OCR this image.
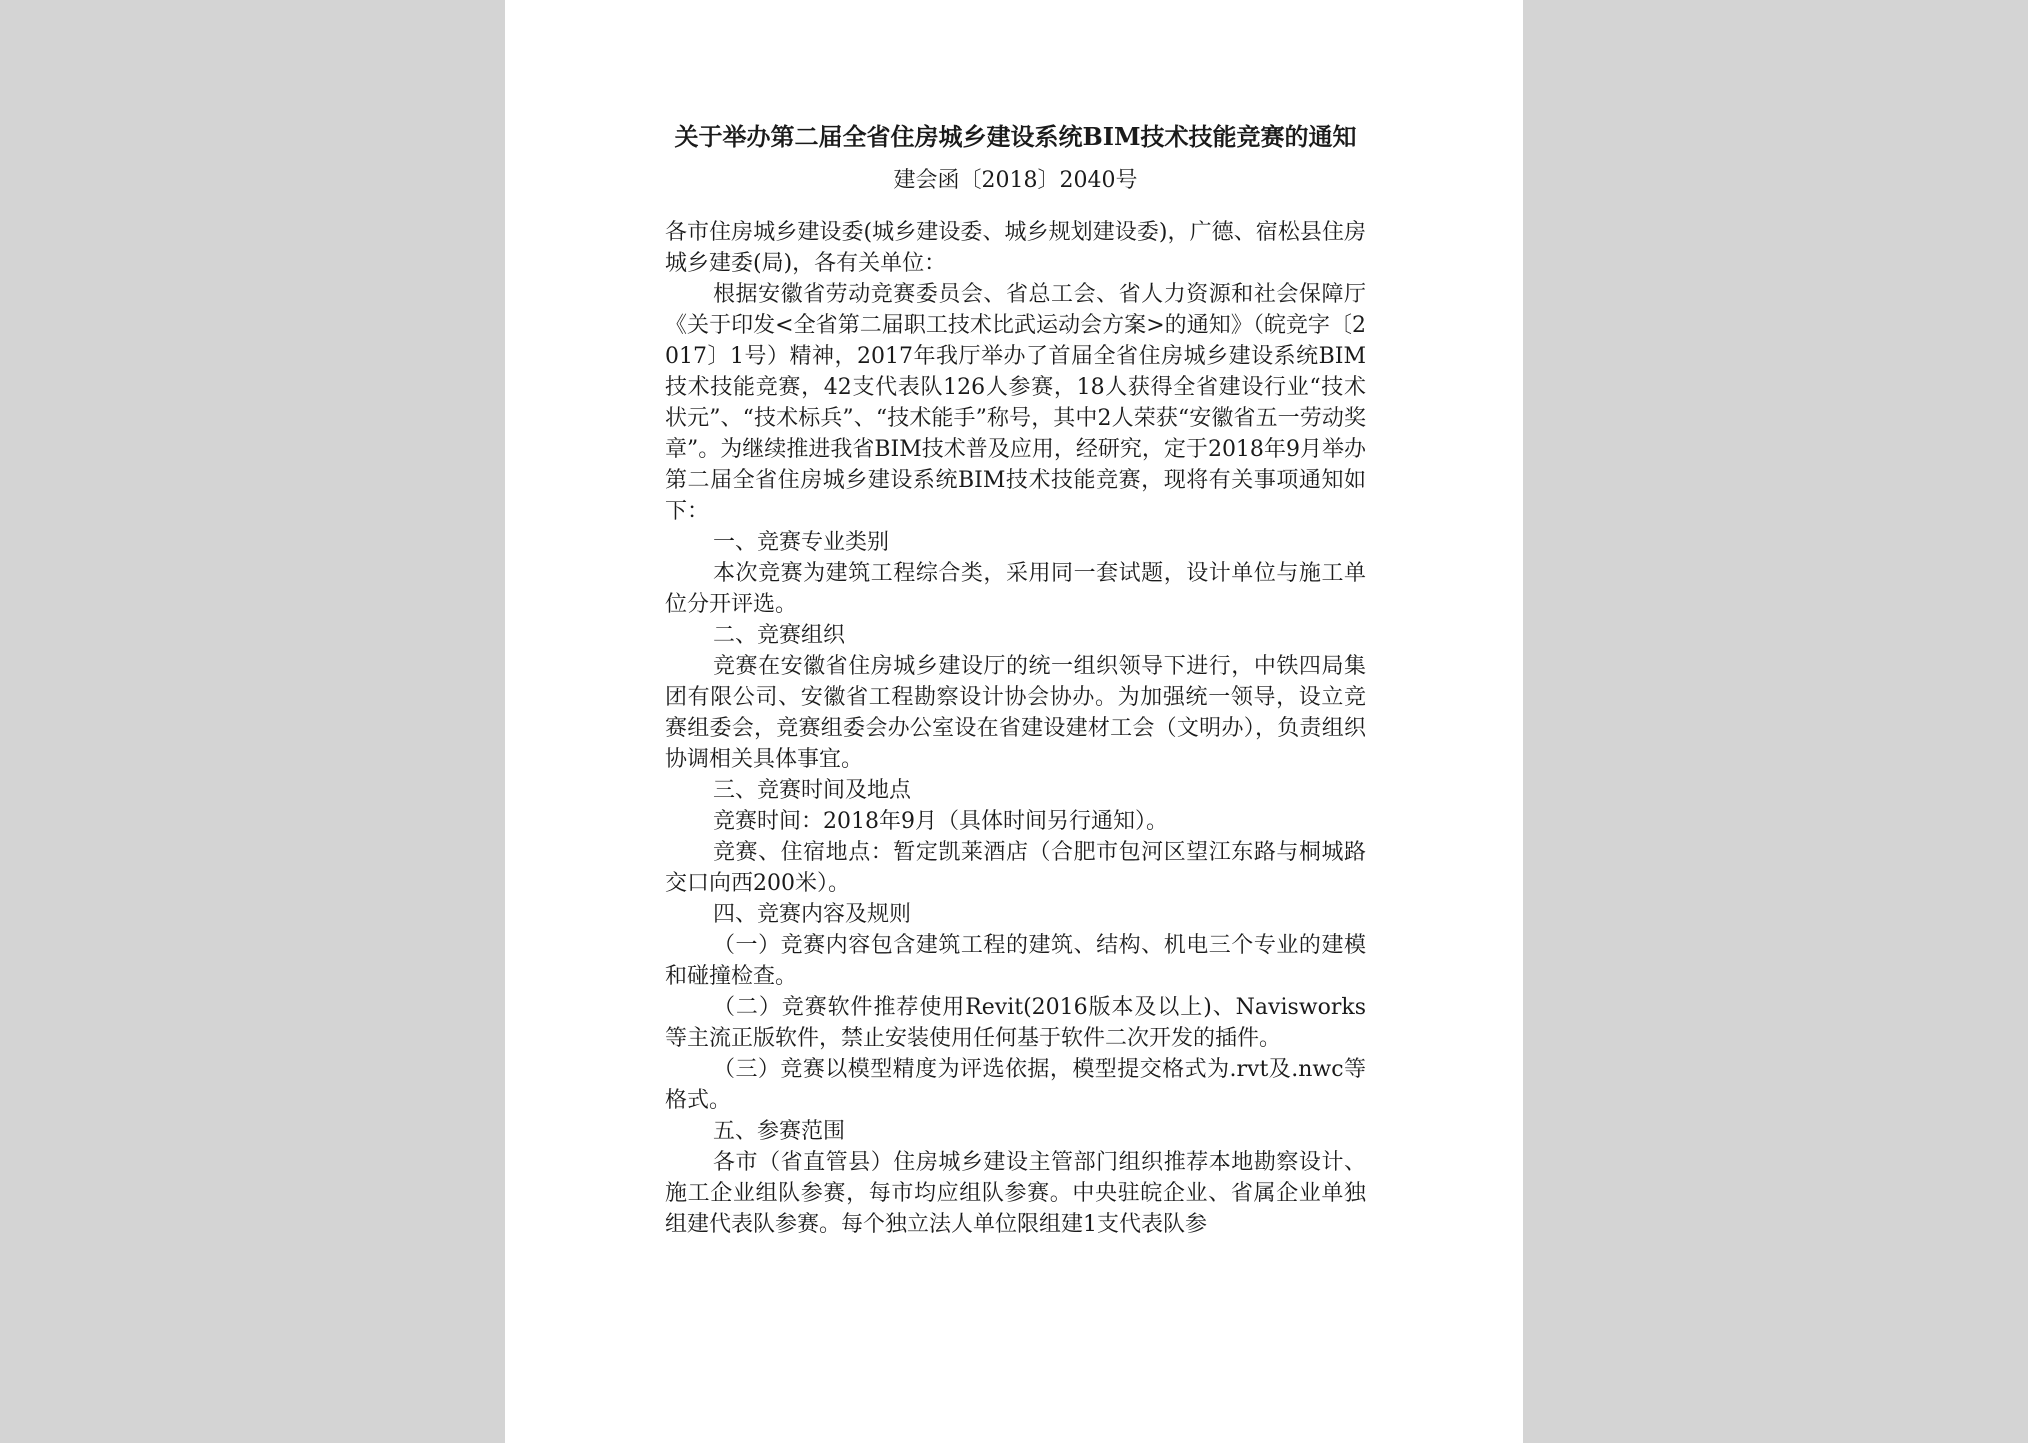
关于举办第二届全省住房城乡建设系统BIM技术技能竞赛的通知
建会函〔2018〕2040号

各市住房城乡建设委(城乡建设委、城乡规划建设委)，广德、宿松县住房城乡建委(局)，各有关单位：

根据安徽省劳动竞赛委员会、省总工会、省人力资源和社会保障厅《关于印发<全省第二届职工技术比武运动会方案>的通知》（皖竞字〔2017〕1号）精神，2017年我厅举办了首届全省住房城乡建设系统BIM技术技能竞赛，42支代表队126人参赛，18人获得全省建设行业“技术状元”、“技术标兵”、“技术能手”称号，其中2人荣获“安徽省五一劳动奖章”。为继续推进我省BIM技术普及应用，经研究，定于2018年9月举办第二届全省住房城乡建设系统BIM技术技能竞赛，现将有关事项通知如下：

一、竞赛专业类别

本次竞赛为建筑工程综合类，采用同一套试题，设计单位与施工单位分开评选。

二、竞赛组织

竞赛在安徽省住房城乡建设厅的统一组织领导下进行，中铁四局集团有限公司、安徽省工程勘察设计协会协办。为加强统一领导，设立竞赛组委会，竞赛组委会办公室设在省建设建材工会（文明办），负责组织协调相关具体事宜。

三、竞赛时间及地点

竞赛时间：2018年9月（具体时间另行通知）。

竞赛、住宿地点：暂定凯莱酒店（合肥市包河区望江东路与桐城路交口向西200米）。

四、竞赛内容及规则

（一）竞赛内容包含建筑工程的建筑、结构、机电三个专业的建模和碰撞检查。

（二）竞赛软件推荐使用Revit(2016版本及以上)、Navisworks等主流正版软件，禁止安装使用任何基于软件二次开发的插件。

（三）竞赛以模型精度为评选依据，模型提交格式为.rvt及.nwc等格式。

五、参赛范围

各市（省直管县）住房城乡建设主管部门组织推荐本地勘察设计、施工企业组队参赛，每市均应组队参赛。中央驻皖企业、省属企业单独组建代表队参赛。每个独立法人单位限组建1支代表队参
